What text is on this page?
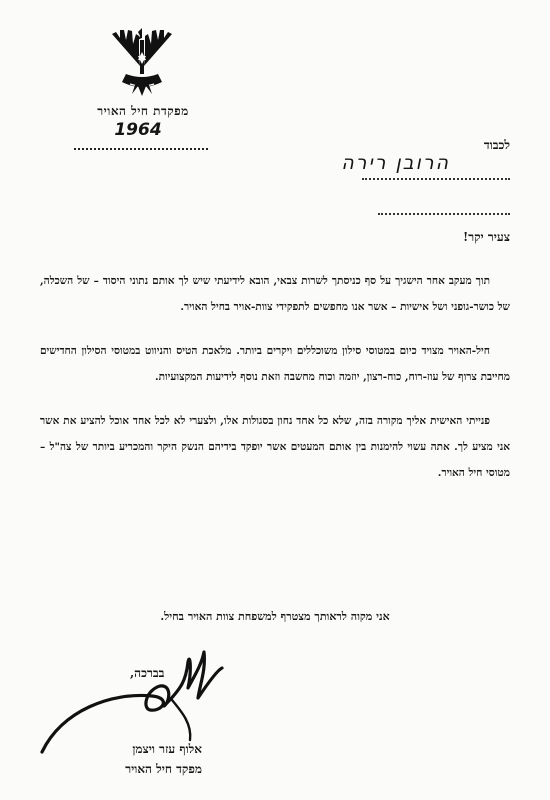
מפקדת חיל האויר
1964
לכבוד
הרובן רירה
צעיר יקר!

תוך מעקב אחר הישגיך על סף כניסתך לשרות צבאי, הובא לידיעתי שיש לך אותם נתוני היסוד – של השכלה, של כושר-גופני ושל אישיות – אשר אנו מחפשים לתפקידי צוות-אויר בחיל האויר.

חיל-האויר מצויד כיום במטוסי סילון משוכללים ויקרים ביותר. מלאכת הטיס והניווט במטוסי הסילון החדישים מחייבת צרוף של עוז-רוח, כוח-רצון, יוזמה וכוח מחשבה וזאת נוסף לידיעות המקצועיות.

פנייתי האישית אליך מקורה בזה, שלא כל אחד נחון בסגולות אלו, ולצערי לא לכל אחד אוכל להציע את אשר אני מציע לך. אתה עשוי להימנות בין אותם המעטים אשר יופקד בידיהם הנשק היקר והמכריע ביותר של צה"ל – מטוסי חיל האויר.

אני מקוה לראותך מצטרף למשפחת צוות האויר בחיל.
בברכה,
אלוף עזר ויצמן
מפקד חיל האויר
